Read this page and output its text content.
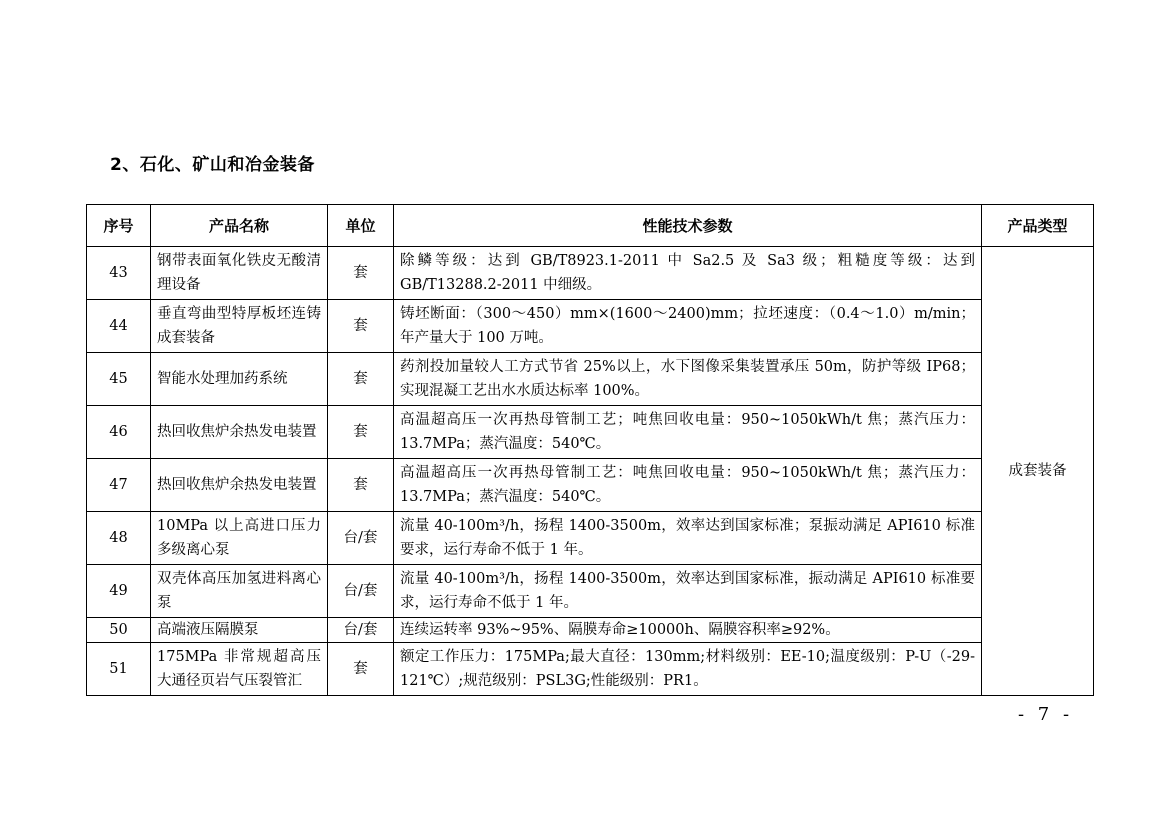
2、石化、矿山和冶金装备
序号	产品名称	单位	性能技术参数	产品类型
43	钢带表面氧化铁皮无酸清理设备	套	除鳞等级：达到 GB/T8923.1-2011 中 Sa2.5 及 Sa3 级；粗糙度等级：达到 GB/T13288.2-2011 中细级。	成套装备
44	垂直弯曲型特厚板坯连铸成套装备	套	铸坯断面：（300～450）mm×(1600～2400)mm；拉坯速度：（0.4～1.0）m/min；年产量大于 100 万吨。	
45	智能水处理加药系统	套	药剂投加量较人工方式节省 25%以上，水下图像采集装置承压 50m，防护等级 IP68；实现混凝工艺出水水质达标率 100%。	
46	热回收焦炉余热发电装置	套	高温超高压一次再热母管制工艺；吨焦回收电量：950~1050kWh/t 焦；蒸汽压力：13.7MPa；蒸汽温度：540℃。	
47	热回收焦炉余热发电装置	套	高温超高压一次再热母管制工艺：吨焦回收电量：950~1050kWh/t 焦；蒸汽压力：13.7MPa；蒸汽温度：540℃。	
48	10MPa 以上高进口压力多级离心泵	台/套	流量 40-100m³/h，扬程 1400-3500m，效率达到国家标准；泵振动满足 API610 标准要求，运行寿命不低于 1 年。	
49	双壳体高压加氢进料离心泵	台/套	流量 40-100m³/h，扬程 1400-3500m，效率达到国家标准，振动满足 API610 标准要求，运行寿命不低于 1 年。	
50	高端液压隔膜泵	台/套	连续运转率 93%~95%、隔膜寿命≥10000h、隔膜容积率≥92%。	
51	175MPa 非常规超高压大通径页岩气压裂管汇	套	额定工作压力：175MPa;最大直径：130mm;材料级别：EE-10;温度级别：P-U（-29-121℃）;规范级别：PSL3G;性能级别：PR1。	
- 7 -
